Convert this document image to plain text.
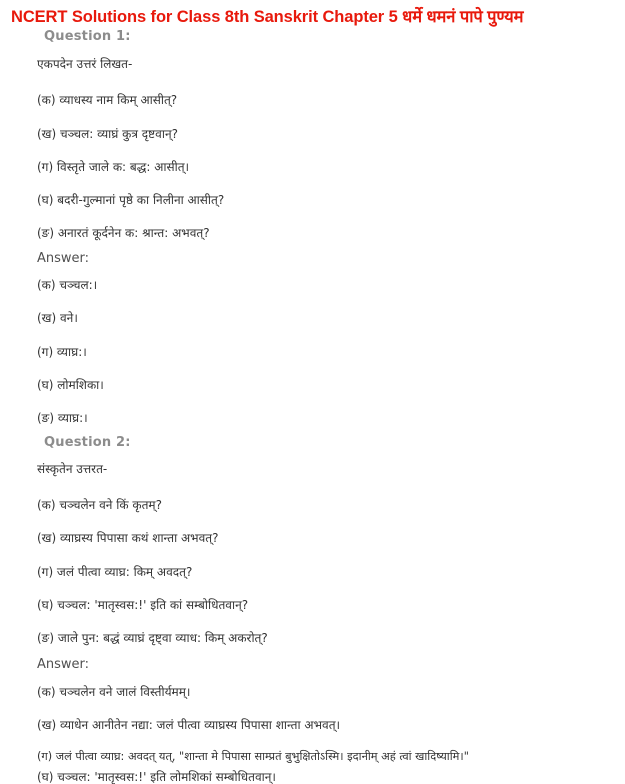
NCERT Solutions for Class 8th Sanskrit Chapter 5 धर्मे धमनं पापे पुण्यम
Question 1:
एकपदेन उत्तरं लिखत-
(क) व्याधस्य नाम किम् आसीत्?
(ख) चञ्चल: व्याघ्रं कुत्र दृष्टवान्?
(ग) विस्तृते जाले क: बद्ध: आसीत्।
(घ) बदरी-गुल्मानां पृष्ठे का निलीना आसीत्?
(ङ) अनारतं कूर्दनेन क: श्रान्त: अभवत्?
Answer:
(क) चञ्चल:।
(ख) वने।
(ग) व्याघ्र:।
(घ) लोमशिका।
(ङ) व्याघ्र:।
Question 2:
संस्कृतेन उत्तरत-
(क) चञ्चलेन वने किं कृतम्?
(ख) व्याघ्रस्य पिपासा कथं शान्ता अभवत्?
(ग) जलं पीत्वा व्याघ्र: किम् अवदत्?
(घ) चञ्चल: 'मातृस्वस:!' इति कां सम्बोधितवान्?
(ङ) जाले पुन: बद्धं व्याघ्रं दृष्ट्वा व्याध: किम् अकरोत्?
Answer:
(क) चञ्चलेन वने जालं विस्तीर्यमम्।
(ख) व्याधेन आनीतेन नद्या: जलं पीत्वा व्याघ्रस्य पिपासा शान्ता अभवत्।
(ग) जलं पीत्वा व्याघ्र: अवदत् यत्, "शान्ता मे पिपासा साम्प्रतं बुभुक्षितोऽस्मि। इदानीम् अहं त्वां खादिष्यामि।"
(घ) चञ्चल: 'मातृस्वस:!' इति लोमशिकां सम्बोधितवान्।
